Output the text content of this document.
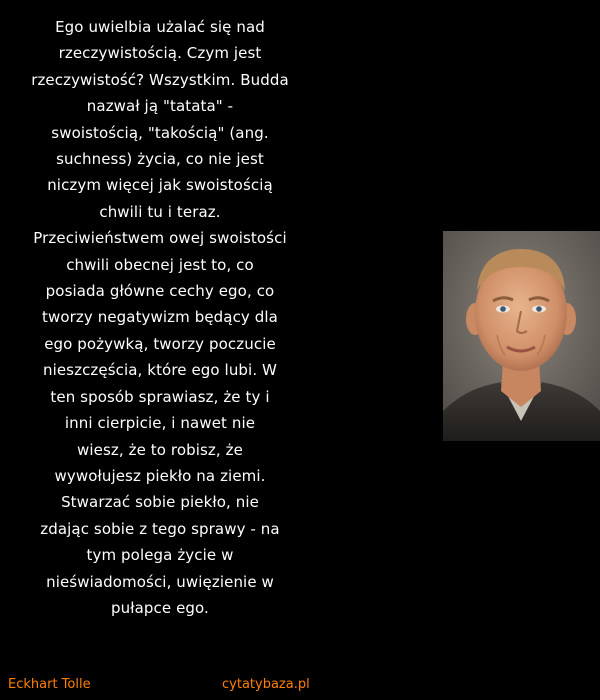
Ego uwielbia użalać się nad
rzeczywistością. Czym jest
rzeczywistość? Wszystkim. Budda
nazwał ją "tatata" -
swoistością, "takością" (ang.
suchness) życia, co nie jest
niczym więcej jak swoistością
chwili tu i teraz.
Przeciwieństwem owej swoistości
chwili obecnej jest to, co
posiada główne cechy ego, co
tworzy negatywizm będący dla
ego pożywką, tworzy poczucie
nieszczęścia, które ego lubi. W
ten sposób sprawiasz, że ty i
inni cierpicie, i nawet nie
wiesz, że to robisz, że
wywołujesz piekło na ziemi.
Stwarzać sobie piekło, nie
zdając sobie z tego sprawy - na
tym polega życie w
nieświadomości, uwięzienie w
pułapce ego.
Eckhart Tolle	cytatybaza.pl
